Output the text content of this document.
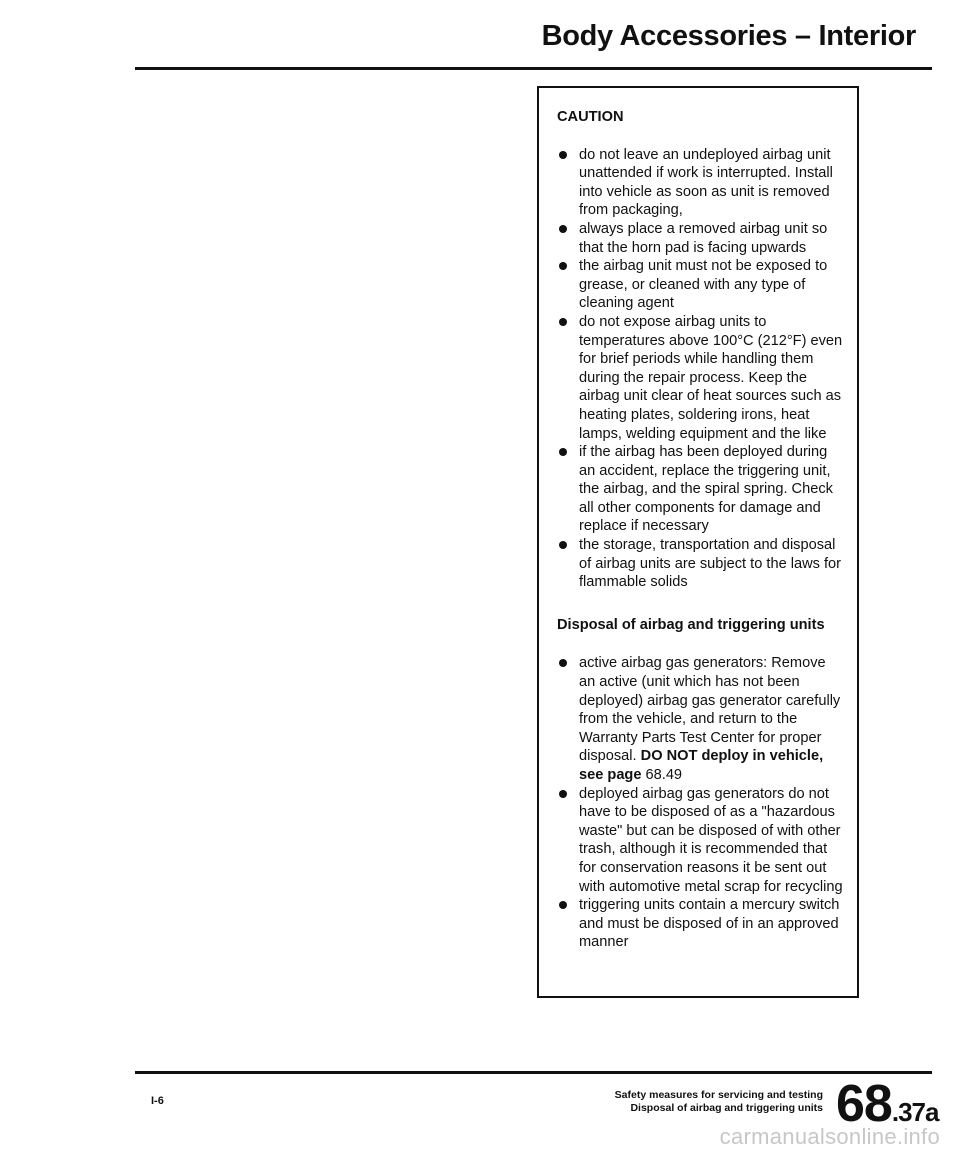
Body Accessories – Interior
CAUTION
do not leave an undeployed airbag unit unattended if work is interrupted. Install into vehicle as soon as unit is removed from packaging,
always place a removed airbag unit so that the horn pad is facing upwards
the airbag unit must not be exposed to grease, or cleaned with any type of cleaning agent
do not expose airbag units to temperatures above 100°C (212°F) even for brief periods while handling them during the repair process. Keep the airbag unit clear of heat sources such as heating plates, soldering irons, heat lamps, welding equipment and the like
if the airbag has been deployed during an accident, replace the triggering unit, the airbag, and the spiral spring. Check all other components for damage and replace if necessary
the storage, transportation and disposal of airbag units are subject to the laws for flammable solids
Disposal of airbag and triggering units
active airbag gas generators: Remove an active (unit which has not been deployed) airbag gas generator carefully from the vehicle, and return to the Warranty Parts Test Center for proper disposal. DO NOT deploy in vehicle, see page 68.49
deployed airbag gas generators do not have to be disposed of as a "hazardous waste" but can be disposed of with other trash, although it is recommended that for conservation reasons it be sent out with automotive metal scrap for recycling
triggering units contain a mercury switch and must be disposed of in an approved manner
I-6	Safety measures for servicing and testing
Disposal of airbag and triggering units 68.37a
carmanualsonline.info
